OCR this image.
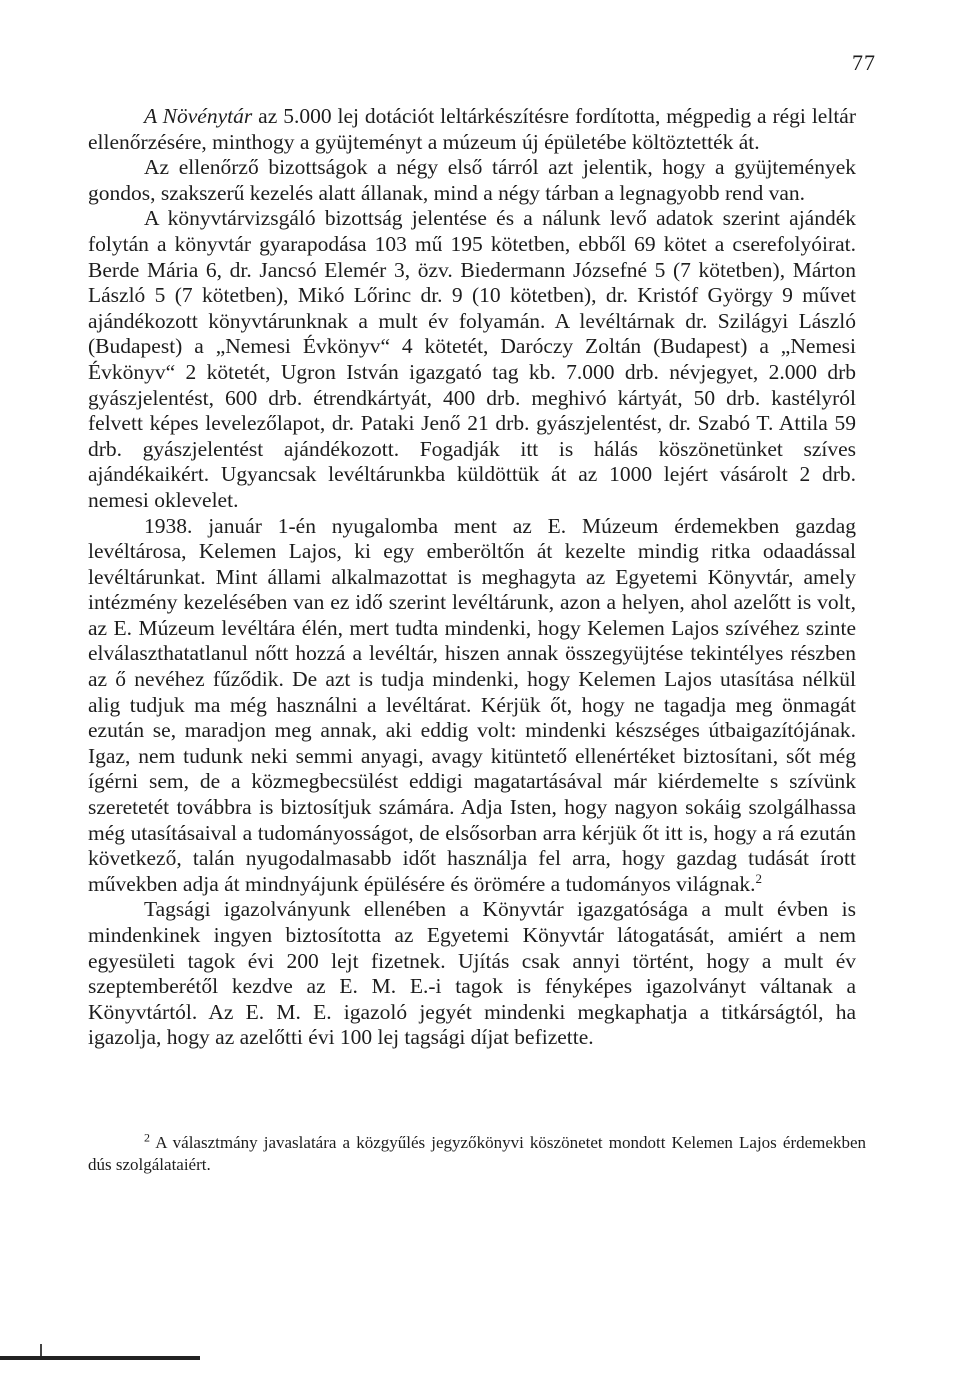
77

A Növénytár az 5.000 lej dotációt leltárkészítésre fordította, mégpedig a régi leltár ellenőrzésére, minthogy a gyüjteményt a múzeum új épületébe költöztették át.

Az ellenőrző bizottságok a négy első tárról azt jelentik, hogy a gyüjtemények gondos, szakszerű kezelés alatt állanak, mind a négy tárban a legnagyobb rend van.

A könyvtárvizsgáló bizottság jelentése és a nálunk levő adatok szerint ajándék folytán a könyvtár gyarapodása 103 mű 195 kötetben, ebből 69 kötet a cserefolyóirat. Berde Mária 6, dr. Jancsó Elemér 3, özv. Biedermann Józsefné 5 (7 kötetben), Márton László 5 (7 kötetben), Mikó Lőrinc dr. 9 (10 kötetben), dr. Kristóf György 9 művet ajándékozott könyvtárunknak a mult év folyamán. A levéltárnak dr. Szilágyi László (Budapest) a „Nemesi Évkönyv“ 4 kötetét, Daróczy Zoltán (Budapest) a „Nemesi Évkönyv“ 2 kötetét, Ugron István igazgató tag kb. 7.000 drb. névjegyet, 2.000 drb gyászjelentést, 600 drb. étrendkártyát, 400 drb. meghivó kártyát, 50 drb. kastélyról felvett képes levelezőlapot, dr. Pataki Jenő 21 drb. gyászjelentést, dr. Szabó T. Attila 59 drb. gyászjelentést ajándékozott. Fogadják itt is hálás köszönetünket szíves ajándékaikért. Ugyancsak levéltárunkba küldöttük át az 1000 lejért vásárolt 2 drb. nemesi oklevelet.

1938. január 1-én nyugalomba ment az E. Múzeum érdemekben gazdag levéltárosa, Kelemen Lajos, ki egy emberöltőn át kezelte mindig ritka odaadással levéltárunkat. Mint állami alkalmazottat is meghagyta az Egyetemi Könyvtár, amely intézmény kezelésében van ez idő szerint levéltárunk, azon a helyen, ahol azelőtt is volt, az E. Múzeum levéltára élén, mert tudta mindenki, hogy Kelemen Lajos szívéhez szinte elválaszthatatlanul nőtt hozzá a levéltár, hiszen annak összegyüjtése tekintélyes részben az ő nevéhez fűződik. De azt is tudja mindenki, hogy Kelemen Lajos utasítása nélkül alig tudjuk ma még használni a levéltárat. Kérjük őt, hogy ne tagadja meg önmagát ezután se, maradjon meg annak, aki eddig volt: mindenki készséges útbaigazítójának. Igaz, nem tudunk neki semmi anyagi, avagy kitüntető ellenértéket biztosítani, sőt még ígérni sem, de a közmegbecsülést eddigi magatartásával már kiérdemelte s szívünk szeretetét továbbra is biztosítjuk számára. Adja Isten, hogy nagyon sokáig szolgálhassa még utasításaival a tudományosságot, de elsősorban arra kérjük őt itt is, hogy a rá ezután következő, talán nyugodalmasabb időt használja fel arra, hogy gazdag tudását írott művekben adja át mindnyájunk épülésére és örömére a tudományos világnak.$^2$

Tagsági igazolványunk ellenében a Könyvtár igazgatósága a mult évben is mindenkinek ingyen biztosította az Egyetemi Könyvtár látogatását, amiért a nem egyesületi tagok évi 200 lejt fizetnek. Ujítás csak annyi történt, hogy a mult év szeptemberétől kezdve az E. M. E.-i tagok is fényképes igazolványt váltanak a Könyvtártól. Az E. M. E. igazoló jegyét mindenki megkaphatja a titkárságtól, ha igazolja, hogy az azelőtti évi 100 lej tagsági díjat befizette.

$^2$ A választmány javaslatára a közgyűlés jegyzőkönyvi köszönetet mondott Kelemen Lajos érdemekben dús szolgálataiért.
